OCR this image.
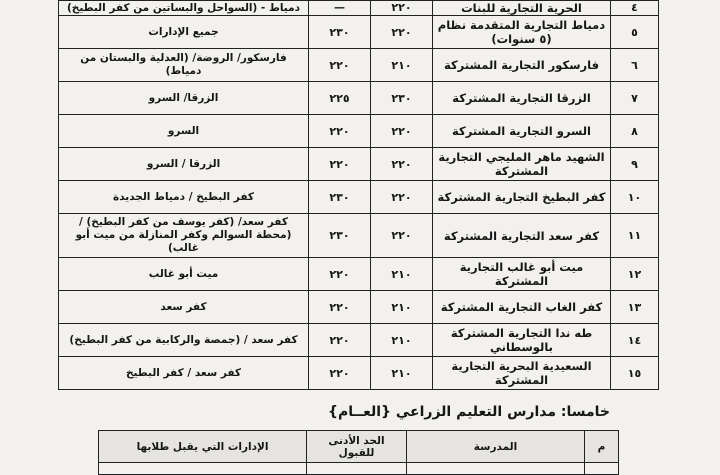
٤	الحرية التجارية للبنات	٢٢٠	—	دمياط - (السواحل والبساتين من كفر البطيخ)
٥	دمياط التجارية المتقدمة نظام (٥ سنوات)	٢٢٠	٢٣٠	جميع الإدارات
٦	فارسكور التجارية المشتركة	٢١٠	٢٢٠	فارسكور/ الروضة/ (العدلية والبستان من دمياط)
٧	الزرقا التجارية المشتركة	٢٣٠	٢٢٥	الزرقا/ السرو
٨	السرو التجارية المشتركة	٢٢٠	٢٢٠	السرو
٩	الشهيد ماهر المليجي التجارية المشتركة	٢٢٠	٢٢٠	الزرقا / السرو
١٠	كفر البطيخ التجارية المشتركة	٢٢٠	٢٣٠	كفر البطيخ / دمياط الجديدة
١١	كفر سعد التجارية المشتركة	٢٢٠	٢٣٠	كفر سعد/ (كفر يوسف من كفر البطيخ) / (محطة السوالم وكفر المنازلة من ميت أبو غالب)
١٢	ميت أبو غالب التجارية المشتركة	٢١٠	٢٢٠	ميت أبو غالب
١٣	كفر الغاب التجارية المشتركة	٢١٠	٢٢٠	كفر سعد
١٤	طه ندا التجارية المشتركة بالوسطاني	٢١٠	٢٢٠	كفر سعد / (جمصة والركابية من كفر البطيخ)
١٥	السعيدية البحرية التجارية المشتركة	٢١٠	٢٢٠	كفر سعد / كفر البطيخ
خامسا: مدارس التعليم الزراعي {العــام}
م	المدرسة	الحد الأدنى للقبول	الإدارات التي يقبل طلابها
